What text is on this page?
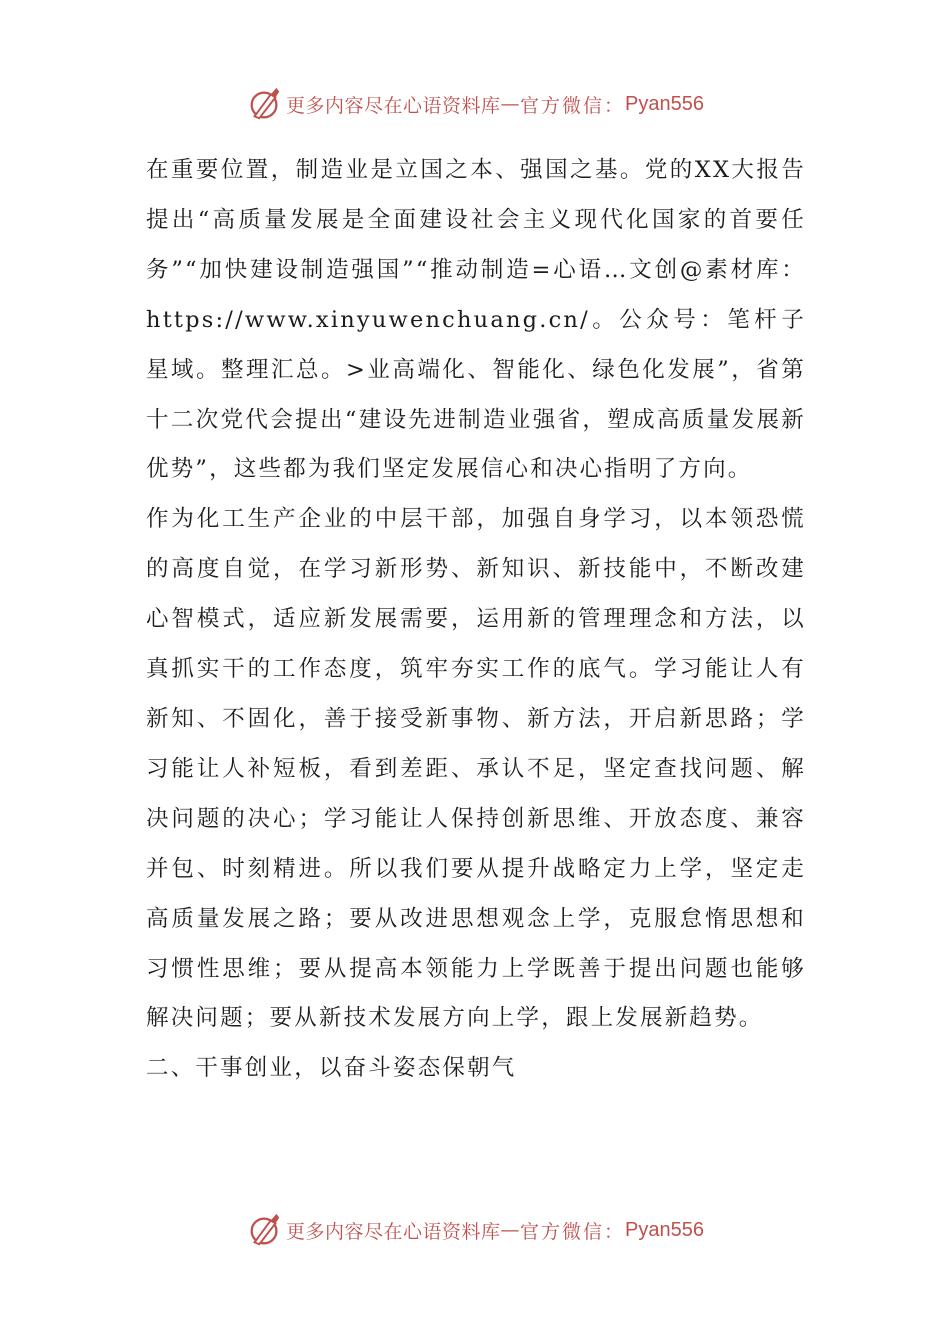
更多内容尽在心语资料库 — 官方微信： Pyan556

在重要位置，制造业是立国之本、强国之基。党的XX大报告提出“高质量发展是全面建设社会主义现代化国家的首要任务”“加快建设制造强国”“推动制造=心语…文创@素材库：https://www.xinyuwenchuang.cn/。公众号：笔杆子星域。整理汇总。>业高端化、智能化、绿色化发展”，省第十二次党代会提出“建设先进制造业强省，塑成高质量发展新优势”，这些都为我们坚定发展信心和决心指明了方向。

作为化工生产企业的中层干部，加强自身学习，以本领恐慌的高度自觉，在学习新形势、新知识、新技能中，不断改建心智模式，适应新发展需要，运用新的管理理念和方法，以真抓实干的工作态度，筑牢夯实工作的底气。学习能让人有新知、不固化，善于接受新事物、新方法，开启新思路；学习能让人补短板，看到差距、承认不足，坚定查找问题、解决问题的决心；学习能让人保持创新思维、开放态度、兼容并包、时刻精进。所以我们要从提升战略定力上学，坚定走高质量发展之路；要从改进思想观念上学，克服怠惰思想和习惯性思维；要从提高本领能力上学既善于提出问题也能够解决问题；要从新技术发展方向上学，跟上发展新趋势。

二、干事创业，以奋斗姿态保朝气

更多内容尽在心语资料库 — 官方微信： Pyan556
